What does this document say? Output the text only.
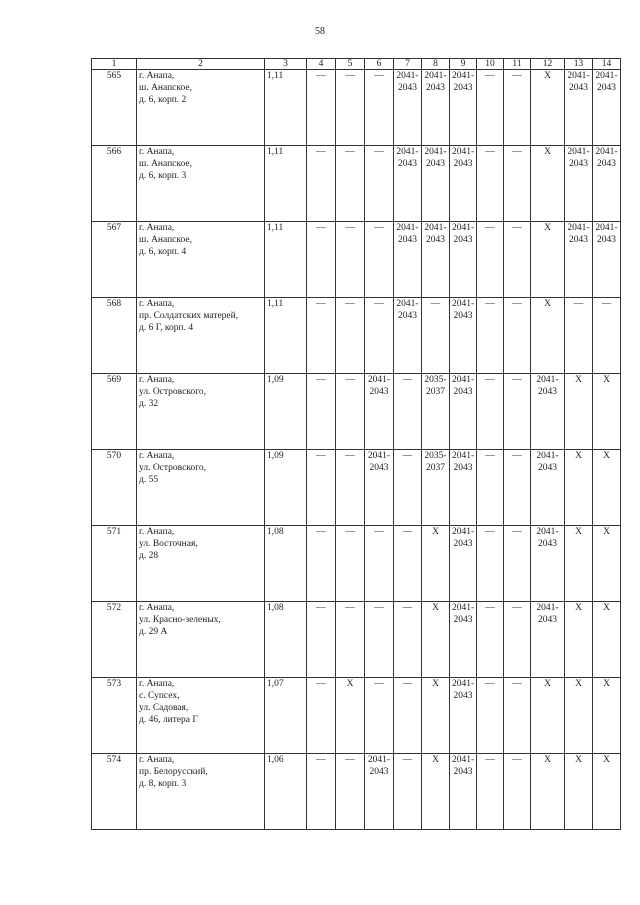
58
1	2	3	4	5	6	7	8	9	10	11	12	13	14
565	г. Анапа,
ш. Анапское,
д. 6, корп. 2	1,11	—	—	—	2041-2043	2041-2043	2041-2043	—	—	Х	2041-2043	2041-2043
566	г. Анапа,
ш. Анапское,
д. 6, корп. 3	1,11	—	—	—	2041-2043	2041-2043	2041-2043	—	—	Х	2041-2043	2041-2043
567	г. Анапа,
ш. Анапское,
д. 6, корп. 4	1,11	—	—	—	2041-2043	2041-2043	2041-2043	—	—	Х	2041-2043	2041-2043
568	г. Анапа,
пр. Солдатских матерей,
д. 6 Г, корп. 4	1,11	—	—	—	2041-2043	—	2041-2043	—	—	Х	—	—
569	г. Анапа,
ул. Островского,
д. 32	1,09	—	—	2041-2043	—	2035-2037	2041-2043	—	—	2041-2043	Х	Х
570	г. Анапа,
ул. Островского,
д. 55	1,09	—	—	2041-2043	—	2035-2037	2041-2043	—	—	2041-2043	Х	Х
571	г. Анапа,
ул. Восточная,
д. 28	1,08	—	—	—	—	Х	2041-2043	—	—	2041-2043	Х	Х
572	г. Анапа,
ул. Красно-зеленых,
д. 29 А	1,08	—	—	—	—	Х	2041-2043	—	—	2041-2043	Х	Х
573	г. Анапа,
с. Супсех,
ул. Садовая,
д. 46, литера Г	1,07	—	Х	—	—	Х	2041-2043	—	—	Х	Х	Х
574	г. Анапа,
пр. Белорусский,
д. 8, корп. 3	1,06	—	—	2041-2043	—	Х	2041-2043	—	—	Х	Х	Х
